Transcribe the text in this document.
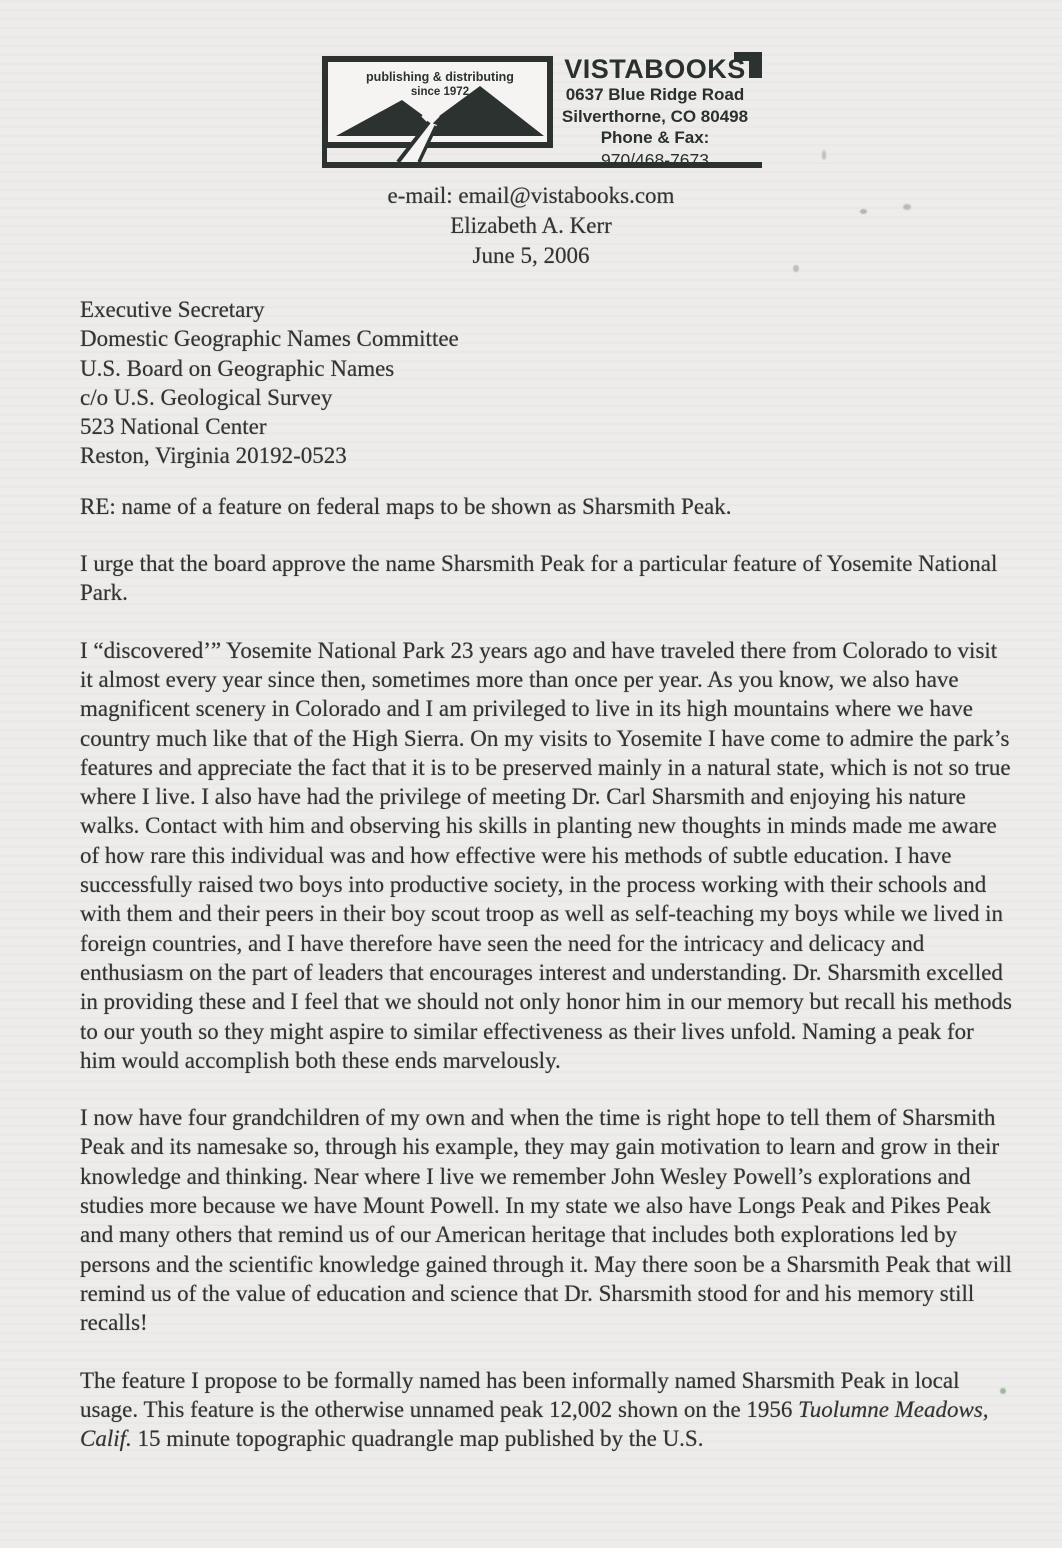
publishing & distributing
since 1972
VISTABOOKS
0637 Blue Ridge Road
Silverthorne, CO 80498
Phone & Fax:
970/468-7673
e-mail: email@vistabooks.com
Elizabeth A. Kerr
June 5, 2006

Executive Secretary

Domestic Geographic Names Committee

U.S. Board on Geographic Names

c/o U.S. Geological Survey

523 National Center

Reston, Virginia 20192-0523

RE: name of a feature on federal maps to be shown as Sharsmith Peak.

I urge that the board approve the name Sharsmith Peak for a particular feature of Yosemite National Park.

I “discovered’” Yosemite National Park 23 years ago and have traveled there from Colorado to visit it almost every year since then, sometimes more than once per year. As you know, we also have magnificent scenery in Colorado and I am privileged to live in its high mountains where we have country much like that of the High Sierra. On my visits to Yosemite I have come to admire the park’s features and appreciate the fact that it is to be preserved mainly in a natural state, which is not so true where I live. I also have had the privilege of meeting Dr. Carl Sharsmith and enjoying his nature walks. Contact with him and observing his skills in planting new thoughts in minds made me aware of how rare this individual was and how effective were his methods of subtle education. I have successfully raised two boys into productive society, in the process working with their schools and with them and their peers in their boy scout troop as well as self-teaching my boys while we lived in foreign countries, and I have therefore have seen the need for the intricacy and delicacy and enthusiasm on the part of leaders that encourages interest and understanding. Dr. Sharsmith excelled in providing these and I feel that we should not only honor him in our memory but recall his methods to our youth so they might aspire to similar effectiveness as their lives unfold. Naming a peak for him would accomplish both these ends marvelously.

I now have four grandchildren of my own and when the time is right hope to tell them of Sharsmith Peak and its namesake so, through his example, they may gain motivation to learn and grow in their knowledge and thinking. Near where I live we remember John Wesley Powell’s explorations and studies more because we have Mount Powell. In my state we also have Longs Peak and Pikes Peak and many others that remind us of our American heritage that includes both explorations led by persons and the scientific knowledge gained through it. May there soon be a Sharsmith Peak that will remind us of the value of education and science that Dr. Sharsmith stood for and his memory still recalls!

The feature I propose to be formally named has been informally named Sharsmith Peak in local usage. This feature is the otherwise unnamed peak 12,002 shown on the 1956 Tuolumne Meadows, Calif. 15 minute topographic quadrangle map published by the U.S.
